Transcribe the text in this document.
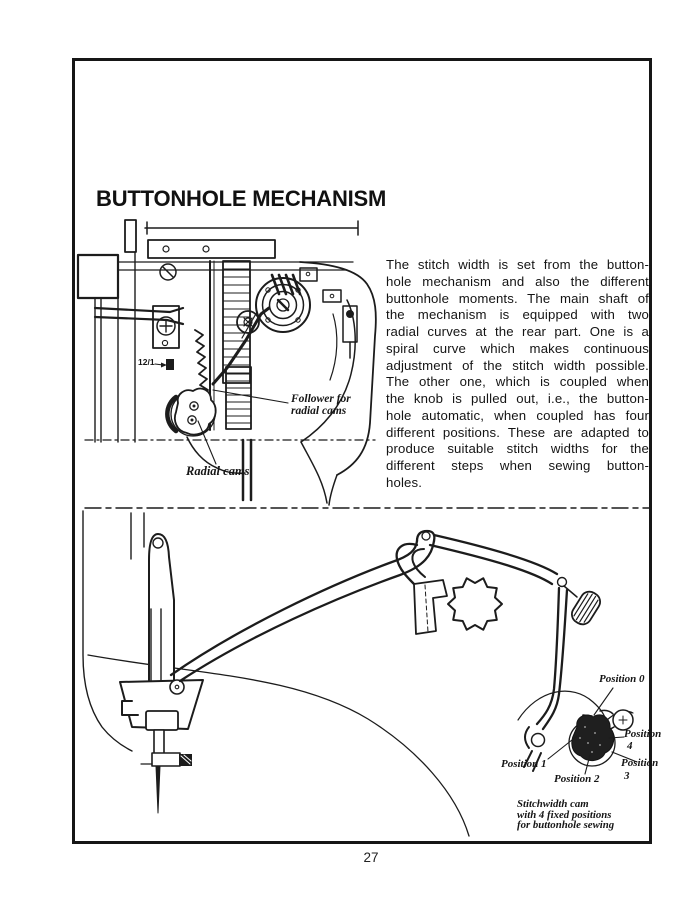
BUTTONHOLE MECHANISM
12/1
Follower for
radial cams
Radial cams
The stitch width is set from the button-
hole mechanism and also the different
buttonhole moments. The main shaft of
the mechanism is equipped with two
radial curves at the rear part. One is a
spiral curve which makes continuous
adjustment of the stitch width possible.
The other one, which is coupled when
the knob is pulled out, i.e., the button-
hole automatic, when coupled has four
different positions. These are adapted to
produce suitable stitch widths for the
different steps when sewing button-
holes.
Position 0
Position 1
Position 2
Position
4
Position
3
Stitchwidth cam
with 4 fixed positions
for buttonhole sewing
27
